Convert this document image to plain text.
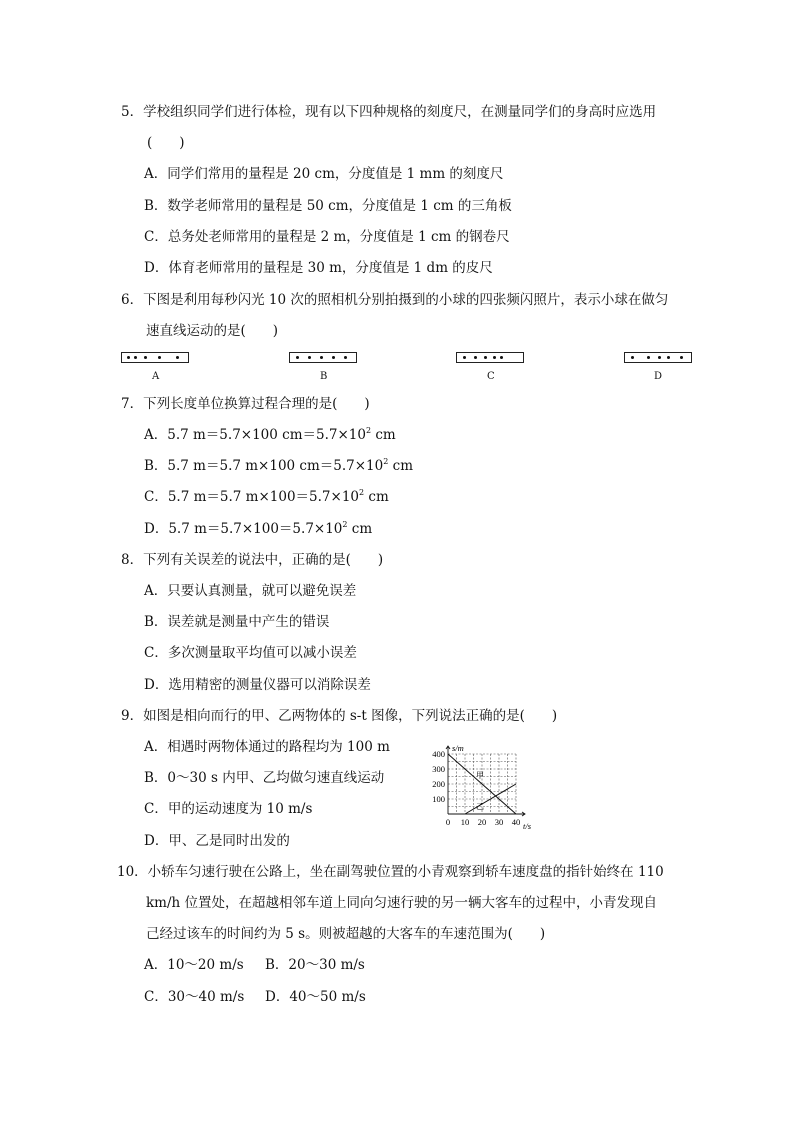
5．学校组织同学们进行体检，现有以下四种规格的刻度尺，在测量同学们的身高时应选用
(　　)
A．同学们常用的量程是 20 cm，分度值是 1 mm 的刻度尺
B．数学老师常用的量程是 50 cm，分度值是 1 cm 的三角板
C．总务处老师常用的量程是 2 m，分度值是 1 cm 的钢卷尺
D．体育老师常用的量程是 30 m，分度值是 1 dm 的皮尺
6．下图是利用每秒闪光 10 次的照相机分别拍摄到的小球的四张频闪照片，表示小球在做匀
速直线运动的是(　　)
A	B	C	D
7．下列长度单位换算过程合理的是(　　)
A．5.7 m＝5.7×100 $cm=5.7\times 10^2$ cm
B．5.7 m＝5.7 m×100 $cm=5.7\times 10^2$ cm
C．5.7 m＝5.7 $m\times 100=5.7\times 10^2$ cm
D．5.7 $m=5.7\times 100=5.7\times 10^2$ cm
8．下列有关误差的说法中，正确的是(　　)
A．只要认真测量，就可以避免误差
B．误差就是测量中产生的错误
C．多次测量取平均值可以减小误差
D．选用精密的测量仪器可以消除误差
9．如图是相向而行的甲、乙两物体的 s-t 图像，下列说法正确的是(　　)
A．相遇时两物体通过的路程均为 100 m
B．0～30 s 内甲、乙均做匀速直线运动
C．甲的运动速度为 10 m/s
D．甲、乙是同时出发的
s/m
t/s
400
300
200
100
0 10 20 30 40
甲
乙
10．小轿车匀速行驶在公路上，坐在副驾驶位置的小青观察到轿车速度盘的指针始终在 110
km/h 位置处，在超越相邻车道上同向匀速行驶的另一辆大客车的过程中，小青发现自
己经过该车的时间约为 5 s。则被超越的大客车的车速范围为(　　)
A．10～20 m/s B．20～30 m/s
C．30～40 m/s D．40～50 m/s
